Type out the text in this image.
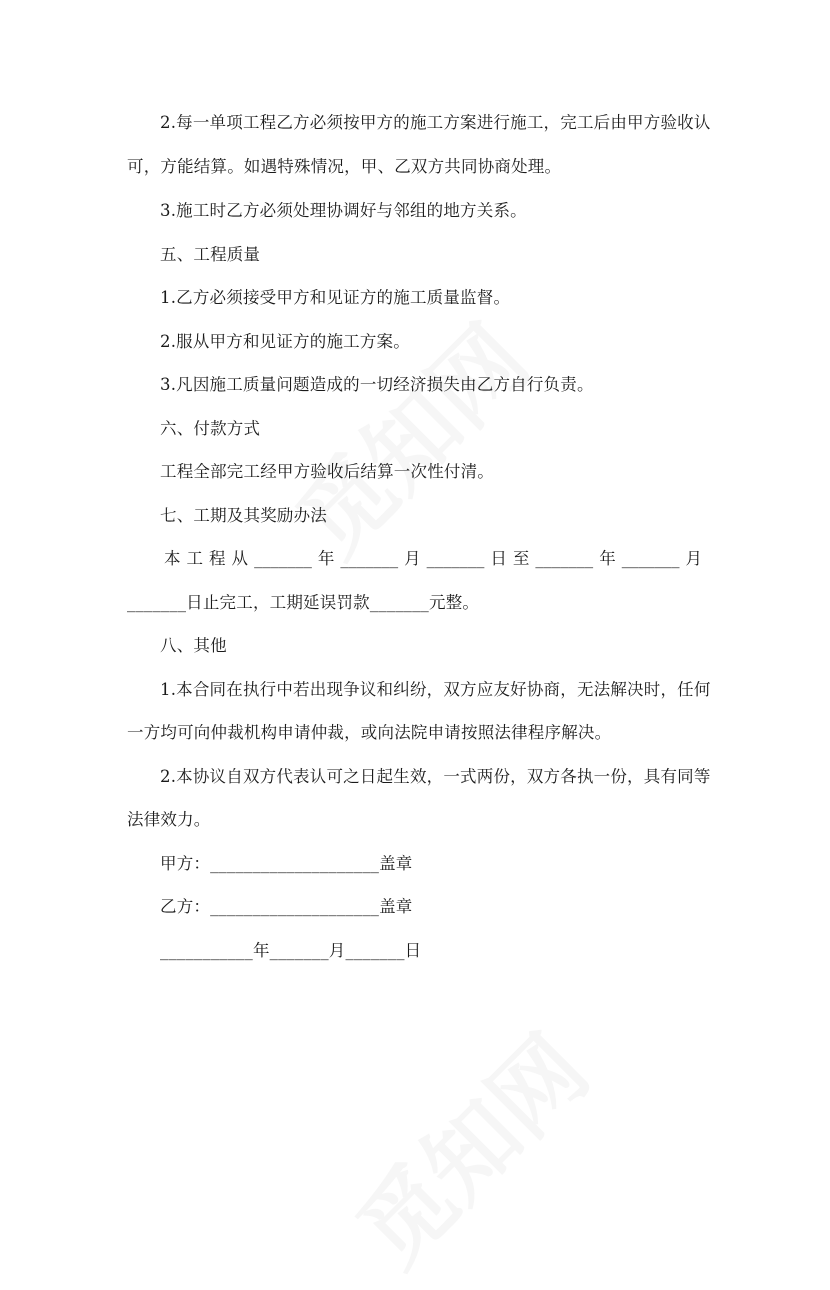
2.每一单项工程乙方必须按甲方的施工方案进行施工，完工后由甲方验收认
可，方能结算。如遇特殊情况，甲、乙双方共同协商处理。
3.施工时乙方必须处理协调好与邻组的地方关系。
五、工程质量
1.乙方必须接受甲方和见证方的施工质量监督。
2.服从甲方和见证方的施工方案。
3.凡因施工质量问题造成的一切经济损失由乙方自行负责。
六、付款方式
工程全部完工经甲方验收后结算一次性付清。
七、工期及其奖励办法
本 工 程 从 _______ 年 _______ 月 _______ 日 至 _______ 年 _______ 月
_______日止完工，工期延误罚款_______元整。
八、其他
1.本合同在执行中若出现争议和纠纷，双方应友好协商，无法解决时，任何
一方均可向仲裁机构申请仲裁，或向法院申请按照法律程序解决。
2.本协议自双方代表认可之日起生效，一式两份，双方各执一份，具有同等
法律效力。
甲方：____________________盖章
乙方：____________________盖章
___________年_______月_______日
